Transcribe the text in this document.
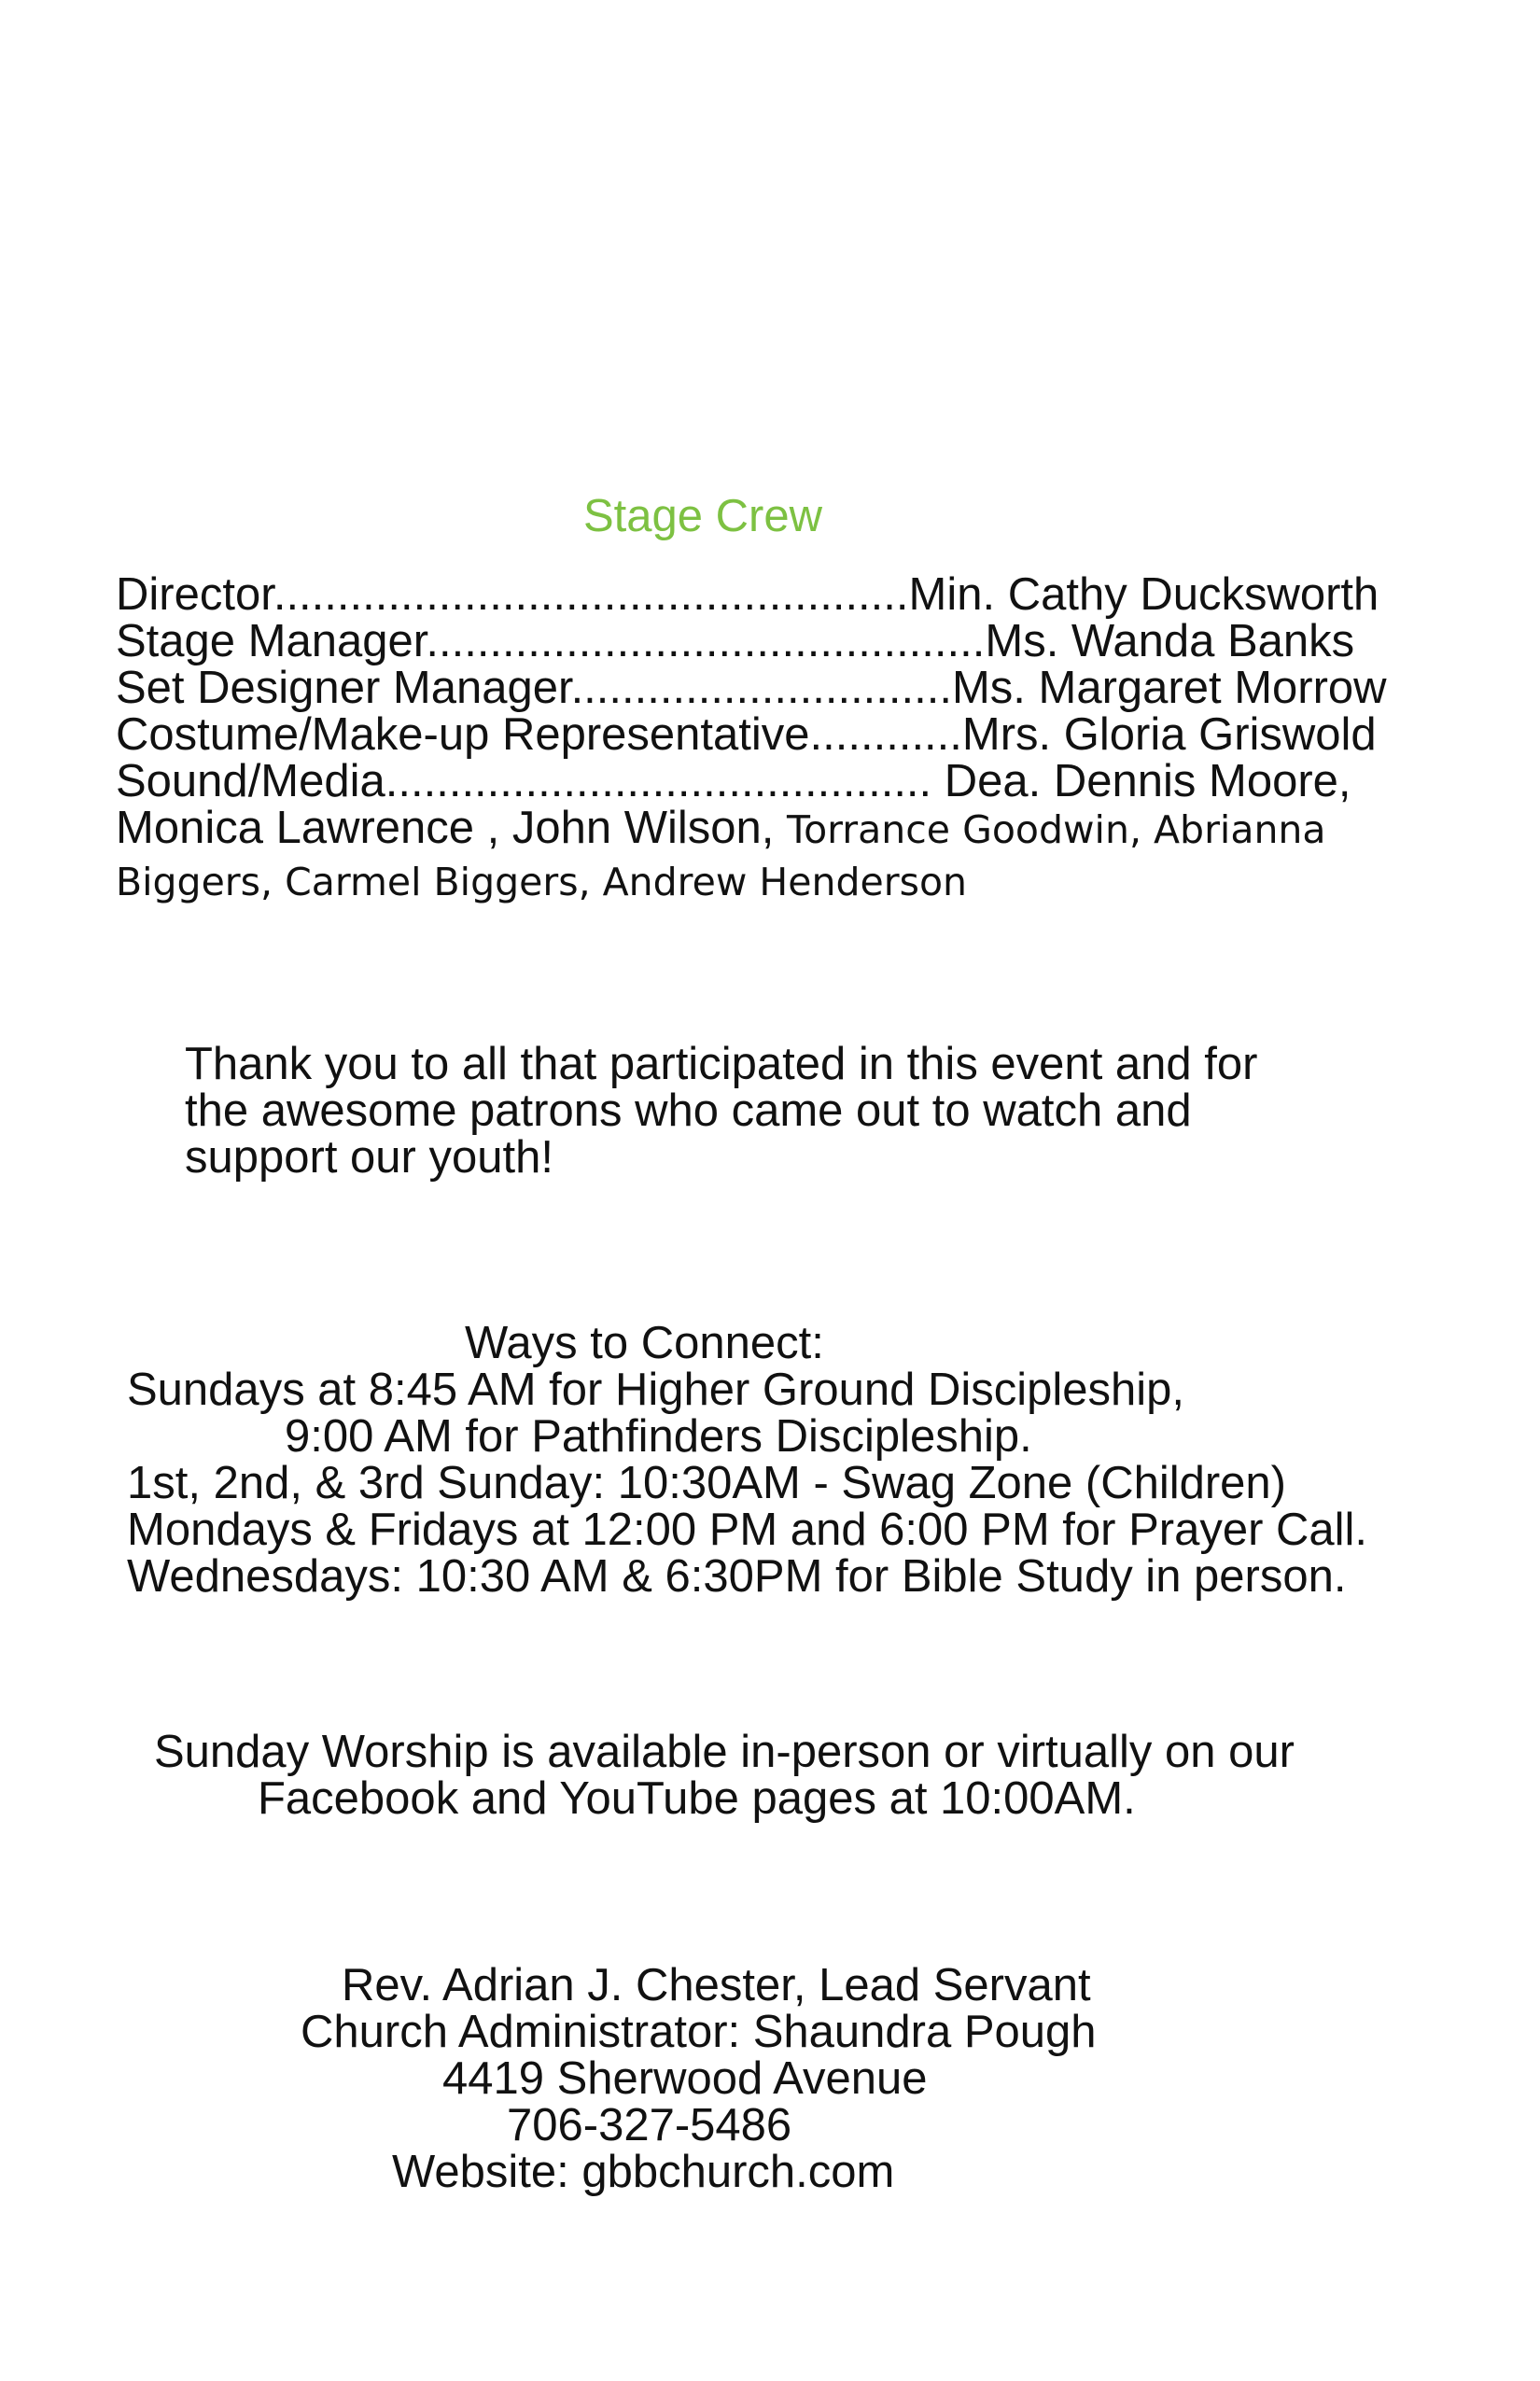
Stage Crew
Director..................................................Min. Cathy Ducksworth
Stage Manager............................................Ms. Wanda Banks
Set Designer Manager..............................Ms. Margaret Morrow
Costume/Make-up Representative............Mrs. Gloria Griswold
Sound/Media........................................... Dea. Dennis Moore,
Monica Lawrence , John Wilson, Torrance Goodwin, Abrianna
Biggers, Carmel Biggers, Andrew Henderson
Thank you to all that participated in this event and for
the awesome patrons who came out to watch and
support our youth!
Ways to Connect:
Sundays at 8:45 AM for Higher Ground Discipleship,
9:00 AM for Pathfinders Discipleship.
1st, 2nd, & 3rd Sunday: 10:30AM - Swag Zone (Children)
Mondays & Fridays at 12:00 PM and 6:00 PM for Prayer Call.
Wednesdays: 10:30 AM & 6:30PM for Bible Study in person.
Sunday Worship is available in-person or virtually on our
Facebook and YouTube pages at 10:00AM.
Rev. Adrian J. Chester, Lead Servant
Church Administrator: Shaundra Pough
4419 Sherwood Avenue
706-327-5486
Website: gbbchurch.com
